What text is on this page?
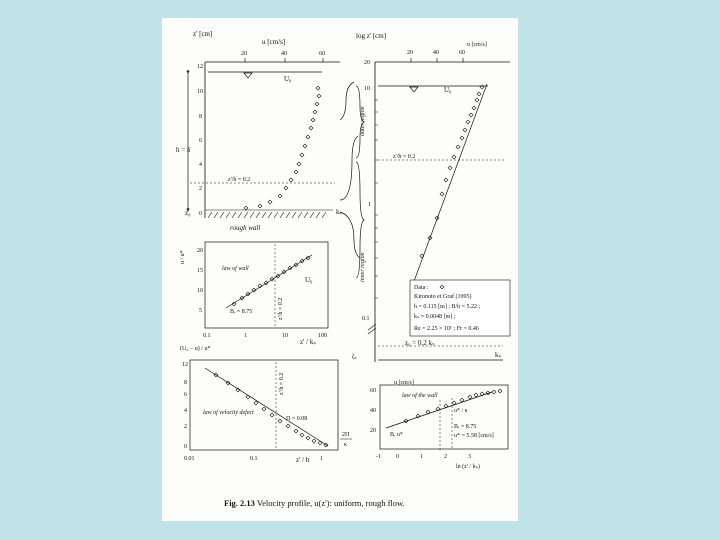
z' [cm]
u [cm/s]
20	40	60
12
10
8
6
4
2
0
U₀
h = δ
z'/h = 0.2
rough wall
z₀	kₛ
log z' [cm]
u [cm/s]
20	40	60
20
10
1
0.1
U₀
outer region
inner region
z'/h = 0.2
Data :
Kironoto et Graf (1995)
h = 0.115 [m] ; B/h = 5.22 ;
kₛ = 0.0048 [m] ;
Re = 2.25 × 10⁵ ; Fr = 0.46
z₀ = 0.2 kₛ
kₛ
ζ₀
u / u* 20
15
10
5
0.1	1	10	100
z' / kₛ
law of wall
Bᵣ = 8.75	z'/h = 0.2
U₀
(U₀ − u) / u*
12
8
6
4
2
0
0.01	0.1	1
z' / h
law of velocity defect
Π = 0.08
z'/h = 0.2
2Π
κ
u [cm/s]
60
40
20
-1	0	1	2	3
ln (z' / kₛ)
law of the wall
u* / κ
Bᵣ u*
Bᵣ = 8.75
u* = 5.58 [cm/s]
Fig. 2.13 Velocity profile, u(z'): uniform, rough flow.
